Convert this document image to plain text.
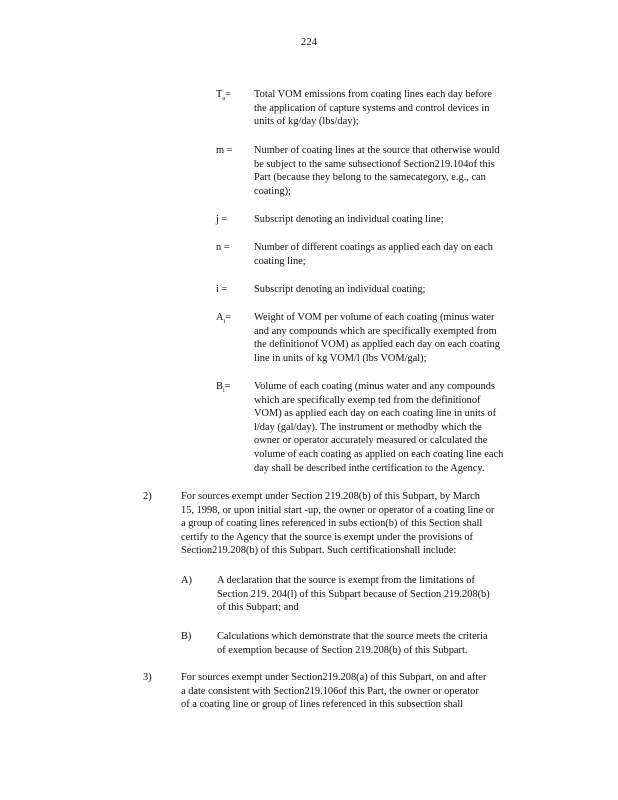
224
$T_a=$ Total VOM emissions from coating lines each day before
the application of capture systems and control devices in
units of kg/day (lbs/day);
m = Number of coating lines at the source that otherwise would
be subject to the same subsectionof Section219.104of this
Part (because they belong to the samecategory, e.g., can
coating);
j =	Subscript denoting an individual coating line;
n = Number of different coatings as applied each day on each
coating line;
i =	Subscript denoting an individual coating;
$A_i=$ Weight of VOM per volume of each coating (minus water
and any compounds which are specifically exempted from
the definitionof VOM) as applied each day on each coating
line in units of kg VOM/l (lbs VOM/gal);
$B_i=$ Volume of each coating (minus water and any compounds
which are specifically exemp ted from the definitionof
VOM) as applied each day on each coating line in units of
l/day (gal/day). The instrument or methodby which the
owner or operator accurately measured or calculated the
volume of each coating as applied on each coating line each
day shall be described inthe certification to the Agency.
2)	For sources exempt under Section 219.208(b) of this Subpart, by March
15, 1998, or upon initial start -up, the owner or operator of a coating line or
a group of coating lines referenced in subs ection(b) of this Section shall
certify to the Agency that the source is exempt under the provisions of
Section219.208(b) of this Subpart. Such certificationshall include:
A) A declaration that the source is exempt from the limitations of
Section 219. 204(l) of this Subpart because of Section 219.208(b)
of this Subpart; and
B) Calculations which demonstrate that the source meets the criteria
of exemption because of Section 219.208(b) of this Subpart.
3)	For sources exempt under Section219.208(a) of this Subpart, on and after
a date consistent with Section219.106of this Part, the owner or operator
of a coating line or group of lines referenced in this subsection shall
